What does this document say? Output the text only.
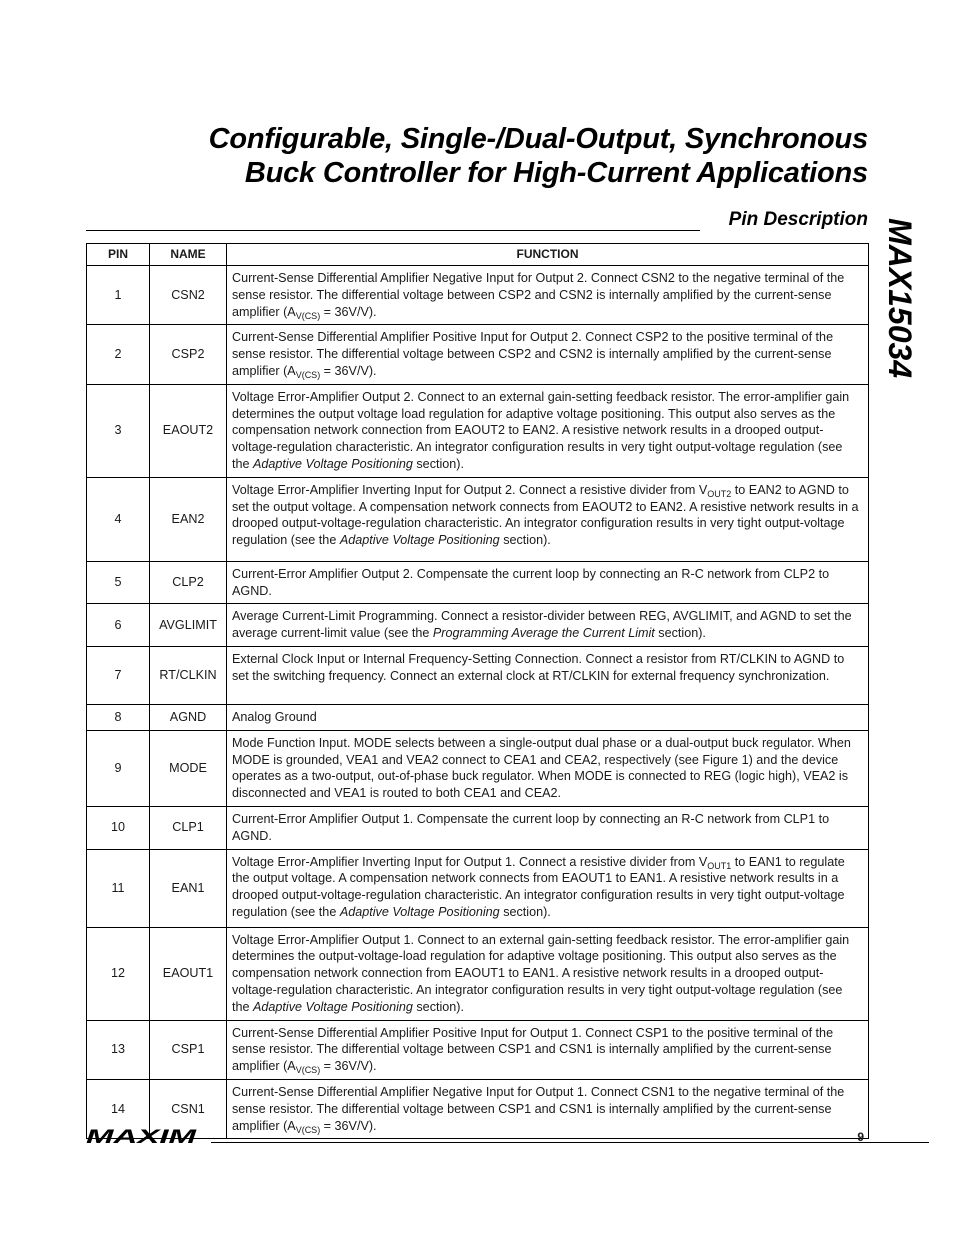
Configurable, Single-/Dual-Output, Synchronous
Buck Controller for High-Current Applications
Pin Description MAX15034
PIN	NAME	FUNCTION
1	CSN2	Current-Sense Differential Amplifier Negative Input for Output 2. Connect CSN2 to the negative terminal of the sense resistor. The differential voltage between CSP2 and CSN2 is internally amplified by the current-sense amplifier $(A_{V(CS)} = 36V/V)$.
2	CSP2	Current-Sense Differential Amplifier Positive Input for Output 2. Connect CSP2 to the positive terminal of the sense resistor. The differential voltage between CSP2 and CSN2 is internally amplified by the current-sense amplifier $(A_{V(CS)} = 36V/V)$.
3	EAOUT2	Voltage Error-Amplifier Output 2. Connect to an external gain-setting feedback resistor. The error-amplifier gain determines the output voltage load regulation for adaptive voltage positioning. This output also serves as the compensation network connection from EAOUT2 to EAN2. A resistive network results in a drooped output-voltage-regulation characteristic. An integrator configuration results in very tight output-voltage regulation (see the Adaptive Voltage Positioning section).
4	EAN2	Voltage Error-Amplifier Inverting Input for Output 2. Connect a resistive divider from $V_{OUT2}$ to EAN2 to AGND to set the output voltage. A compensation network connects from EAOUT2 to EAN2. A resistive network results in a drooped output-voltage-regulation characteristic. An integrator configuration results in very tight output-voltage regulation (see the Adaptive Voltage Positioning section).
5	CLP2	Current-Error Amplifier Output 2. Compensate the current loop by connecting an R-C network from CLP2 to AGND.
6	AVGLIMIT	Average Current-Limit Programming. Connect a resistor-divider between REG, AVGLIMIT, and AGND to set the average current-limit value (see the Programming Average the Current Limit section).
7	RT/CLKIN	External Clock Input or Internal Frequency-Setting Connection. Connect a resistor from RT/CLKIN to AGND to set the switching frequency. Connect an external clock at RT/CLKIN for external frequency synchronization.
8	AGND	Analog Ground
9	MODE	Mode Function Input. MODE selects between a single-output dual phase or a dual-output buck regulator. When MODE is grounded, VEA1 and VEA2 connect to CEA1 and CEA2, respectively (see Figure 1) and the device operates as a two-output, out-of-phase buck regulator. When MODE is connected to REG (logic high), VEA2 is disconnected and VEA1 is routed to both CEA1 and CEA2.
10	CLP1	Current-Error Amplifier Output 1. Compensate the current loop by connecting an R-C network from CLP1 to AGND.
11	EAN1	Voltage Error-Amplifier Inverting Input for Output 1. Connect a resistive divider from $V_{OUT1}$ to EAN1 to regulate the output voltage. A compensation network connects from EAOUT1 to EAN1. A resistive network results in a drooped output-voltage-regulation characteristic. An integrator configuration results in very tight output-voltage regulation (see the Adaptive Voltage Positioning section).
12	EAOUT1	Voltage Error-Amplifier Output 1. Connect to an external gain-setting feedback resistor. The error-amplifier gain determines the output-voltage-load regulation for adaptive voltage positioning. This output also serves as the compensation network connection from EAOUT1 to EAN1. A resistive network results in a drooped output-voltage-regulation characteristic. An integrator configuration results in very tight output-voltage regulation (see the Adaptive Voltage Positioning section).
13	CSP1	Current-Sense Differential Amplifier Positive Input for Output 1. Connect CSP1 to the positive terminal of the sense resistor. The differential voltage between CSP1 and CSN1 is internally amplified by the current-sense amplifier $(A_{V(CS)} = 36V/V)$.
14	CSN1	Current-Sense Differential Amplifier Negative Input for Output 1. Connect CSN1 to the negative terminal of the sense resistor. The differential voltage between CSP1 and CSN1 is internally amplified by the current-sense amplifier $(A_{V(CS)} = 36V/V)$.
MAXIM	9
